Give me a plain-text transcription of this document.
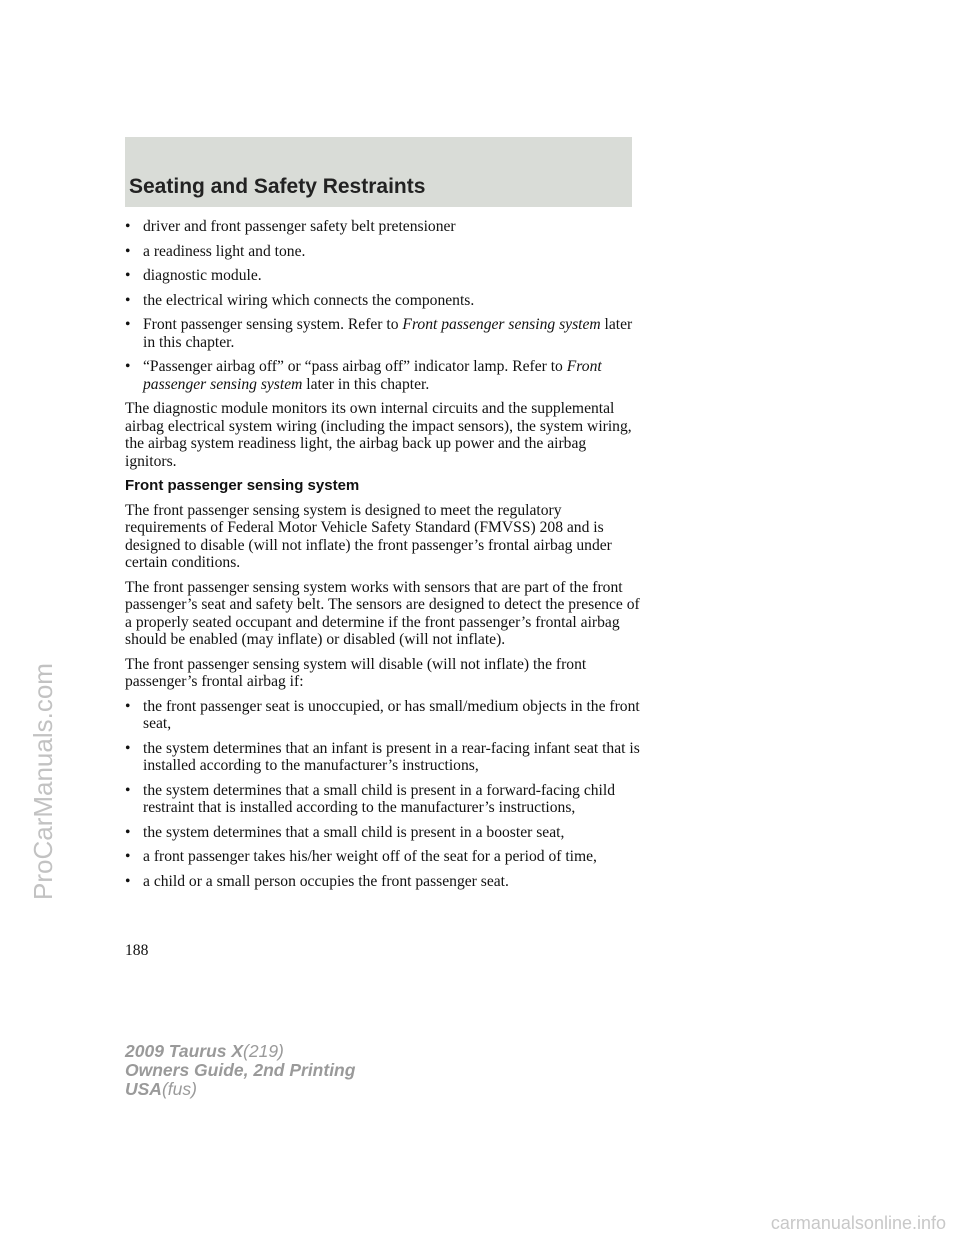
Seating and Safety Restraints
• driver and front passenger safety belt pretensioner
• a readiness light and tone.
• diagnostic module.
• the electrical wiring which connects the components.
• Front passenger sensing system. Refer to Front passenger sensing system later in this chapter.
• “Passenger airbag off” or “pass airbag off” indicator lamp. Refer to Front passenger sensing system later in this chapter.

The diagnostic module monitors its own internal circuits and the supplemental airbag electrical system wiring (including the impact sensors), the system wiring, the airbag system readiness light, the airbag back up power and the airbag ignitors.

Front passenger sensing system

The front passenger sensing system is designed to meet the regulatory requirements of Federal Motor Vehicle Safety Standard (FMVSS) 208 and is designed to disable (will not inflate) the front passenger’s frontal airbag under certain conditions.

The front passenger sensing system works with sensors that are part of the front passenger’s seat and safety belt. The sensors are designed to detect the presence of a properly seated occupant and determine if the front passenger’s frontal airbag should be enabled (may inflate) or disabled (will not inflate).

The front passenger sensing system will disable (will not inflate) the front passenger’s frontal airbag if:

• the front passenger seat is unoccupied, or has small/medium objects in the front seat,
• the system determines that an infant is present in a rear-facing infant seat that is installed according to the manufacturer’s instructions,
• the system determines that a small child is present in a forward-facing child restraint that is installed according to the manufacturer’s instructions,
• the system determines that a small child is present in a booster seat,
• a front passenger takes his/her weight off of the seat for a period of time,
• a child or a small person occupies the front passenger seat.
188
2009 Taurus X(219)
Owners Guide, 2nd Printing
USA(fus)
ProCarManuals.com
carmanualsonline.info
